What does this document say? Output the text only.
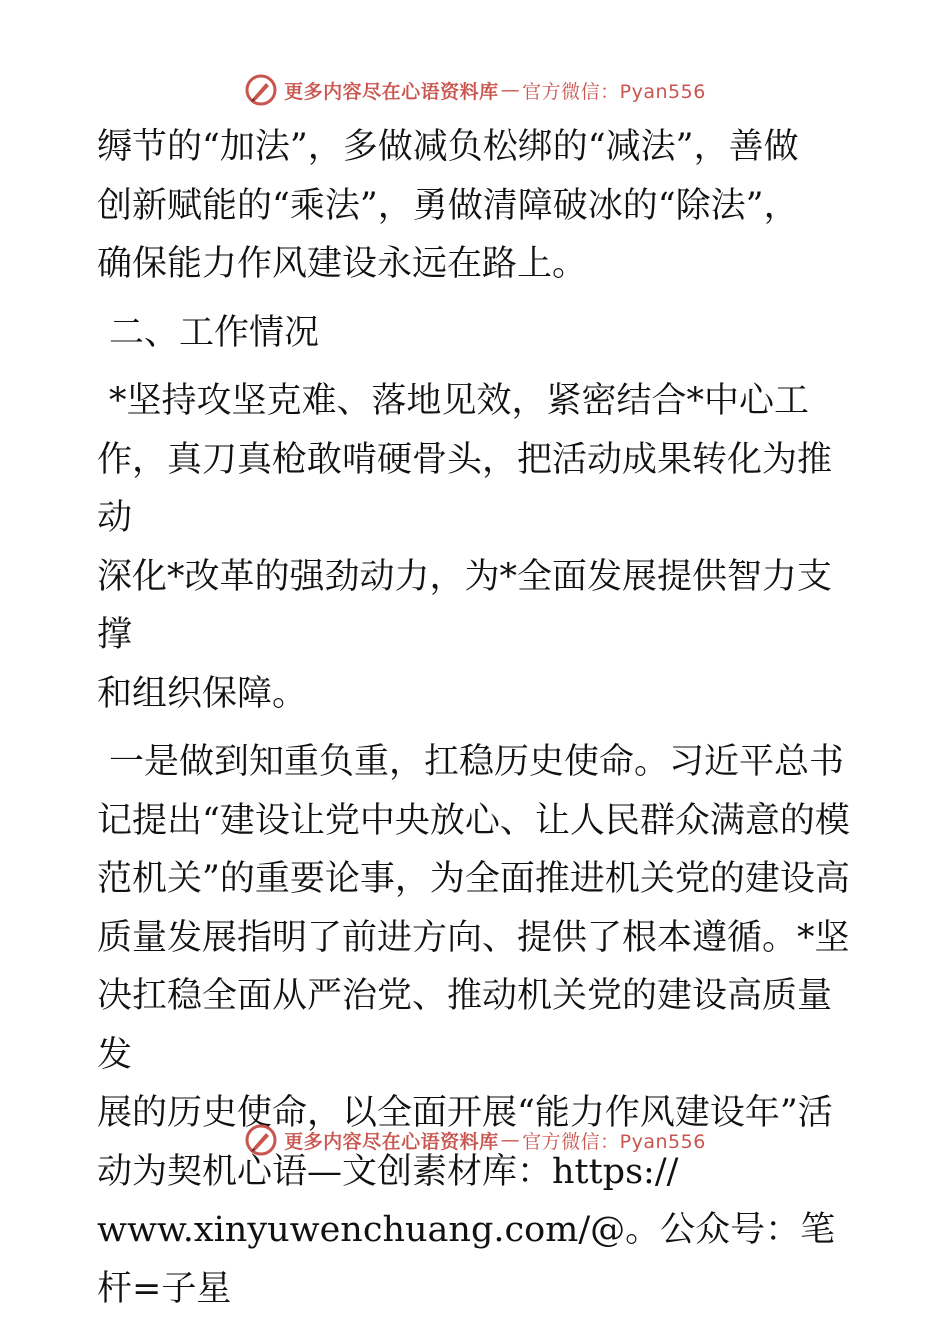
更多内容尽在心语资料库 — 官方微信：Pyan556

缛节的“加法”，多做减负松绑的“减法”，善做
创新赋能的“乘法”，勇做清障破冰的“除法”，
确保能力作风建设永远在路上。

二、工作情况

*坚持攻坚克难、落地见效，紧密结合*中心工
作，真刀真枪敢啃硬骨头，把活动成果转化为推动
深化*改革的强劲动力，为*全面发展提供智力支撑
和组织保障。

一是做到知重负重，扛稳历史使命。习近平总书
记提出“建设让党中央放心、让人民群众满意的模
范机关”的重要论事，为全面推进机关党的建设高
质量发展指明了前进方向、提供了根本遵循。*坚
决扛稳全面从严治党、推动机关党的建设高质量发
展的历史使命，以全面开展“能力作风建设年”活
动为契机心语—文创素材库：https://
www.xinyuwenchuang.com/@。公众号：笔杆=子星

更多内容尽在心语资料库 — 官方微信：Pyan556
